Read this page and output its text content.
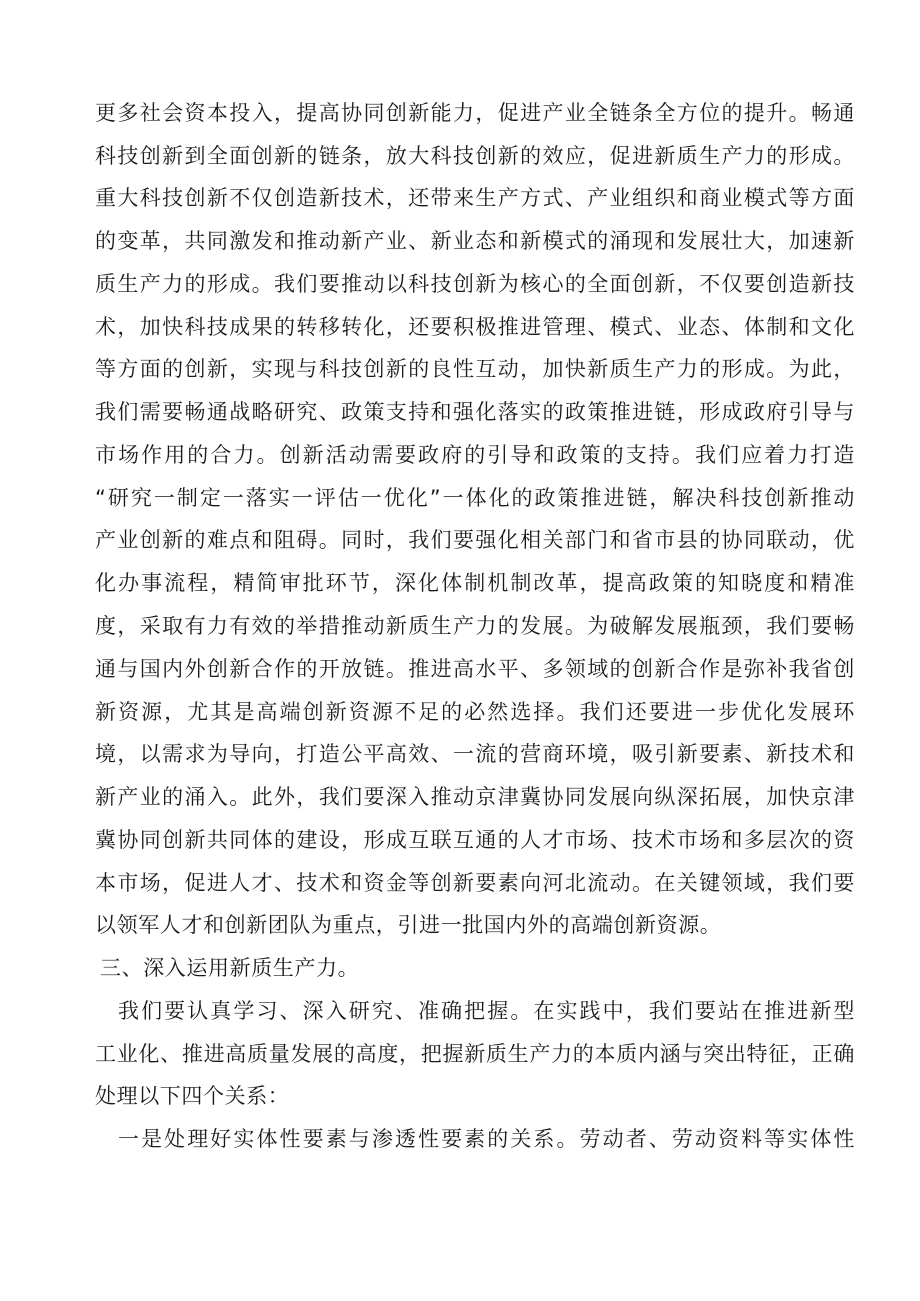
更多社会资本投入，提高协同创新能力，促进产业全链条全方位的提升。畅通
科技创新到全面创新的链条，放大科技创新的效应，促进新质生产力的形成。
重大科技创新不仅创造新技术，还带来生产方式、产业组织和商业模式等方面
的变革，共同激发和推动新产业、新业态和新模式的涌现和发展壮大，加速新
质生产力的形成。我们要推动以科技创新为核心的全面创新，不仅要创造新技
术，加快科技成果的转移转化，还要积极推进管理、模式、业态、体制和文化
等方面的创新，实现与科技创新的良性互动，加快新质生产力的形成。为此，
我们需要畅通战略研究、政策支持和强化落实的政策推进链，形成政府引导与
市场作用的合力。创新活动需要政府的引导和政策的支持。我们应着力打造
“研究一制定一落实一评估一优化”一体化的政策推进链，解决科技创新推动
产业创新的难点和阻碍。同时，我们要强化相关部门和省市县的协同联动，优
化办事流程，精简审批环节，深化体制机制改革，提高政策的知晓度和精准
度，采取有力有效的举措推动新质生产力的发展。为破解发展瓶颈，我们要畅
通与国内外创新合作的开放链。推进高水平、多领域的创新合作是弥补我省创
新资源，尤其是高端创新资源不足的必然选择。我们还要进一步优化发展环
境，以需求为导向，打造公平高效、一流的营商环境，吸引新要素、新技术和
新产业的涌入。此外，我们要深入推动京津冀协同发展向纵深拓展，加快京津
冀协同创新共同体的建设，形成互联互通的人才市场、技术市场和多层次的资
本市场，促进人才、技术和资金等创新要素向河北流动。在关键领域，我们要
以领军人才和创新团队为重点，引进一批国内外的高端创新资源。
三、深入运用新质生产力。
我们要认真学习、深入研究、准确把握。在实践中，我们要站在推进新型
工业化、推进高质量发展的高度，把握新质生产力的本质内涵与突出特征，正确
处理以下四个关系：
一是处理好实体性要素与渗透性要素的关系。劳动者、劳动资料等实体性
